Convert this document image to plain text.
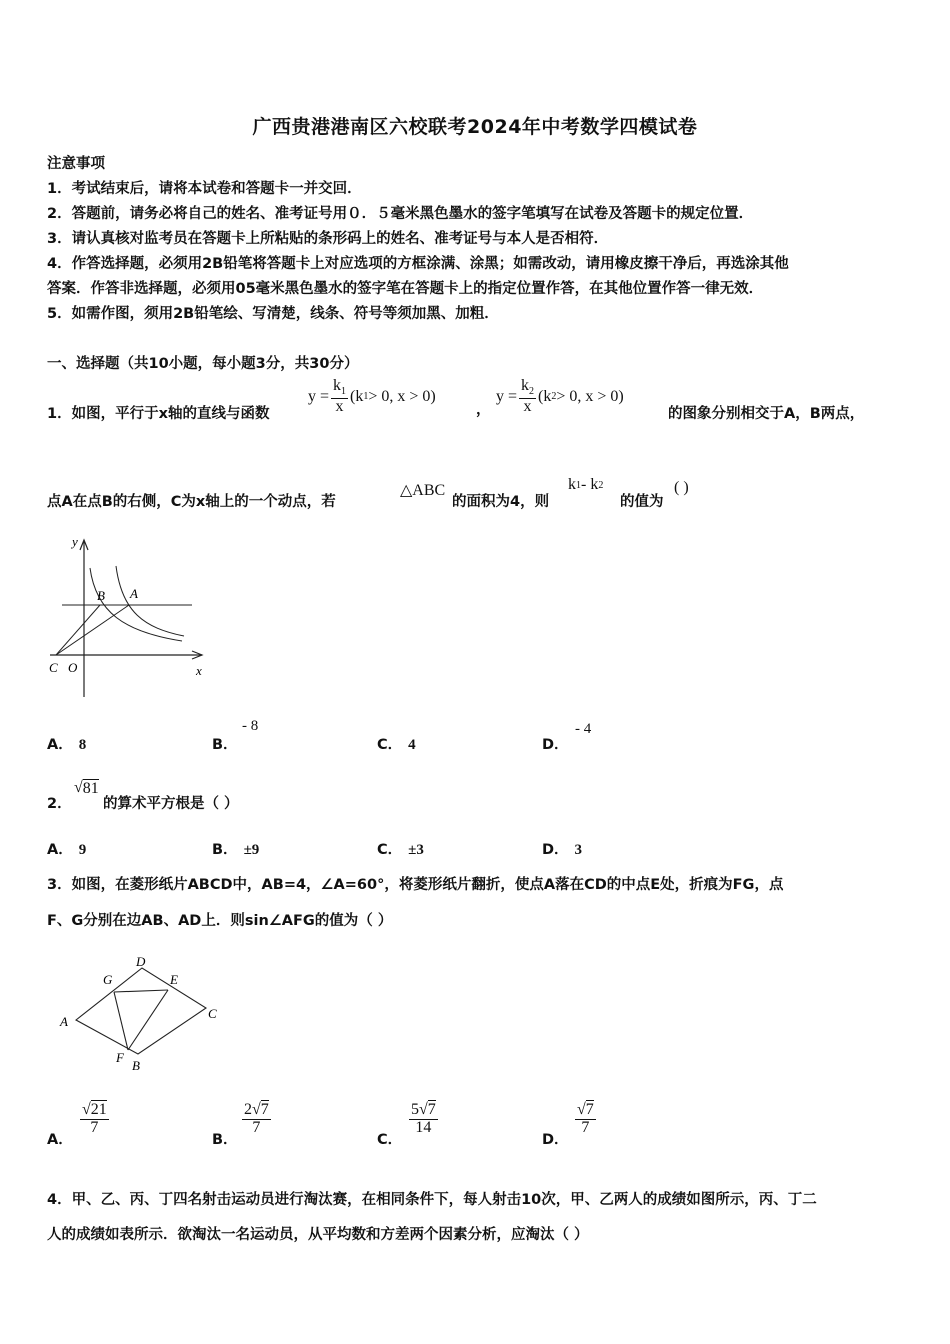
广西贵港港南区六校联考2024年中考数学四模试卷
注意事项
1．考试结束后，请将本试卷和答题卡一并交回．
2．答题前，请务必将自己的姓名、准考证号用０．５毫米黑色墨水的签字笔填写在试卷及答题卡的规定位置．
3．请认真核对监考员在答题卡上所粘贴的条形码上的姓名、准考证号与本人是否相符．
4．作答选择题，必须用2B铅笔将答题卡上对应选项的方框涂满、涂黑；如需改动，请用橡皮擦干净后，再选涂其他
答案．作答非选择题，必须用05毫米黑色墨水的签字笔在答题卡上的指定位置作答，在其他位置作答一律无效．
5．如需作图，须用2B铅笔绘、写清楚，线条、符号等须加黑、加粗．
一、选择题（共10小题，每小题3分，共30分）
1．如图，平行于x轴的直线与函数
$y = \frac{k_1}{x} (k$ 1 > 0, x > 0)
，
$y = \frac{k_2}{x} (k$ 2 > 0, x > 0)
的图象分别相交于A，B两点，
点A在点B的右侧，C为x轴上的一个动点，若
△ABC
的面积为4，则
k 1 - k 2
的值为
( )
y
x
B A
C O
A． 8	B．
- 8
C． 4	D．
- 4
2．
√ 81
的算术平方根是（ ）
A． 9	B． ±9	C． ±3	D． 3
3．如图，在菱形纸片ABCD中，AB=4，∠A=60°，将菱形纸片翻折，使点A落在CD的中点E处，折痕为FG，点
F、G分别在边AB、AD上．则sin∠AFG的值为（ ）
D
G	E
A
C
F
B
A．
$\frac{√21}{7}$
B．
$\frac{2√7}{7}$
C．
$\frac{5√7}{14}$
D．
$\frac{√7}{7}$
4．甲、乙、丙、丁四名射击运动员进行淘汰赛，在相同条件下，每人射击10次，甲、乙两人的成绩如图所示，丙、丁二
人的成绩如表所示．欲淘汰一名运动员，从平均数和方差两个因素分析，应淘汰（ ）
